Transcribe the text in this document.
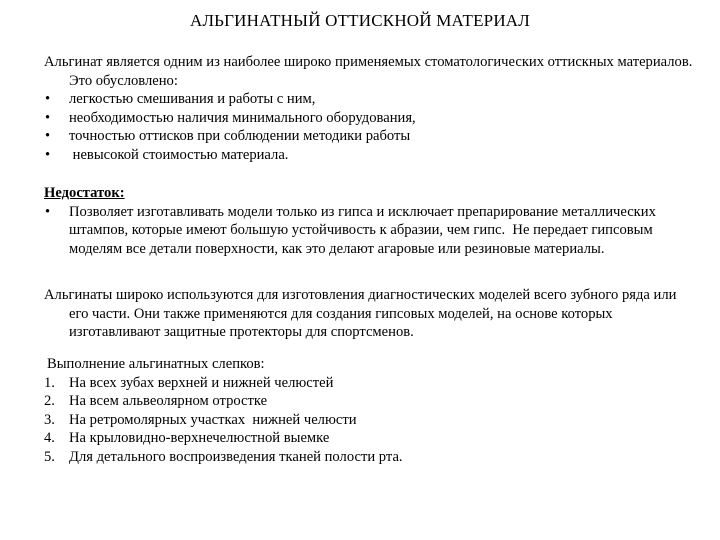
АЛЬГИНАТНЫЙ ОТТИСКНОЙ МАТЕРИАЛ

Альгинат является одним из наиболее широко применяемых стоматологических оттискных материалов. Это обусловлено:

• легкостью смешивания и работы с ним,
• необходимостью наличия минимального оборудования,
• точностью оттисков при соблюдении методики работы
• невысокой стоимостью материала.

Недостаток:

• Позволяет изготавливать модели только из гипса и исключает препарирование металлических штампов, которые имеют большую устойчивость к абразии, чем гипс.  Не передает гипсовым моделям все детали поверхности, как это делают агаровые или резиновые материалы.

Альгинаты широко используются для изготовления диагностических моделей всего зубного ряда или его части. Они также применяются для создания гипсовых моделей, на основе которых изготавливают защитные протекторы для спортсменов.

Выполнение альгинатных слепков:

1. На всех зубах верхней и нижней челюстей
2. На всем альвеолярном отростке
3. На ретромолярных участках  нижней челюсти
4. На крыловидно-верхнечелюстной выемке
5. Для детального воспроизведения тканей полости рта.
